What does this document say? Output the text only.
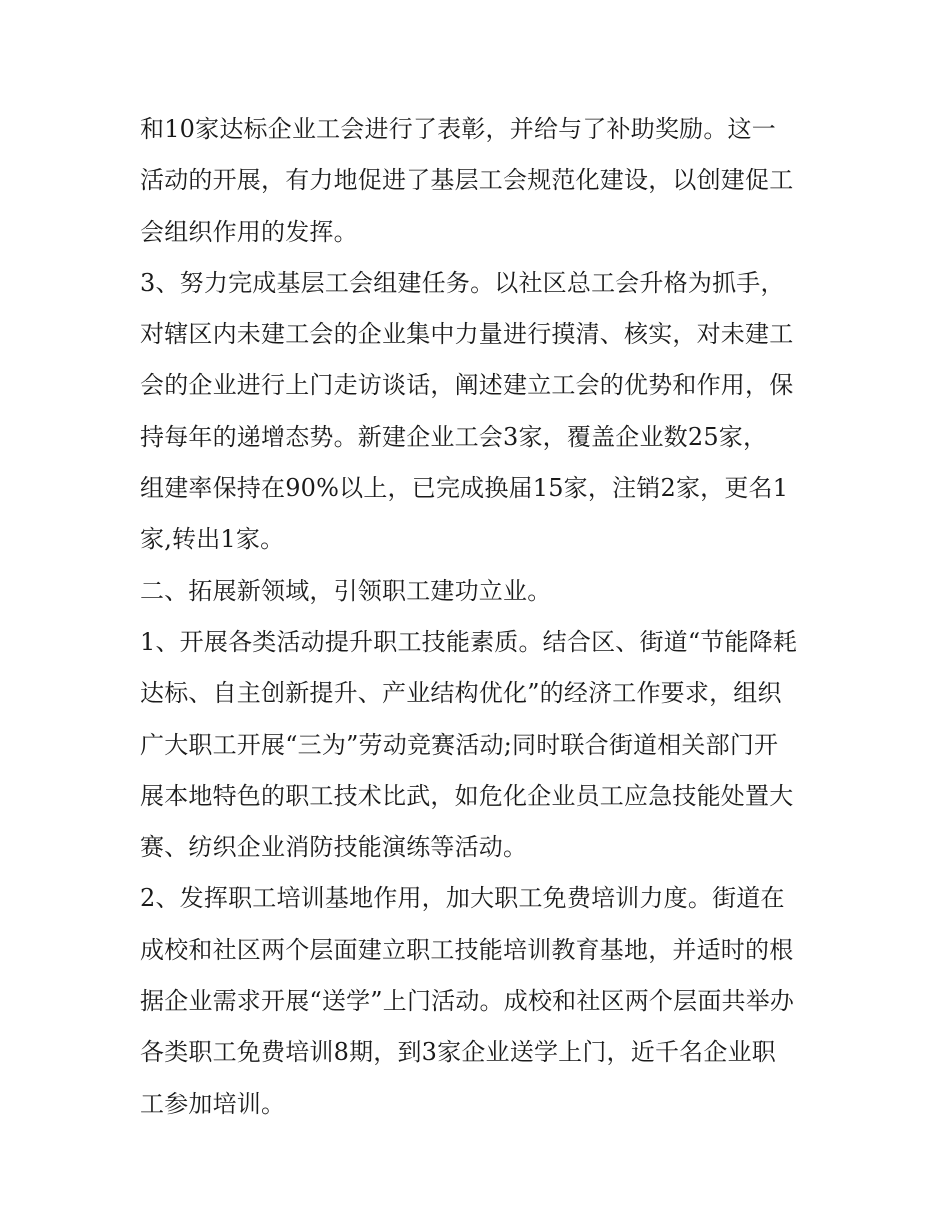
和10家达标企业工会进行了表彰，并给与了补助奖励。这一
活动的开展，有力地促进了基层工会规范化建设，以创建促工
会组织作用的发挥。
3、努力完成基层工会组建任务。以社区总工会升格为抓手，
对辖区内未建工会的企业集中力量进行摸清、核实，对未建工
会的企业进行上门走访谈话，阐述建立工会的优势和作用，保
持每年的递增态势。新建企业工会3家，覆盖企业数25家，
组建率保持在90%以上，已完成换届15家，注销2家，更名1
家,转出1家。
二、拓展新领域，引领职工建功立业。
1、开展各类活动提升职工技能素质。结合区、街道“节能降耗
达标、自主创新提升、产业结构优化”的经济工作要求，组织
广大职工开展“三为”劳动竞赛活动;同时联合街道相关部门开
展本地特色的职工技术比武，如危化企业员工应急技能处置大
赛、纺织企业消防技能演练等活动。
2、发挥职工培训基地作用，加大职工免费培训力度。街道在
成校和社区两个层面建立职工技能培训教育基地，并适时的根
据企业需求开展“送学”上门活动。成校和社区两个层面共举办
各类职工免费培训8期，到3家企业送学上门，近千名企业职
工参加培训。
